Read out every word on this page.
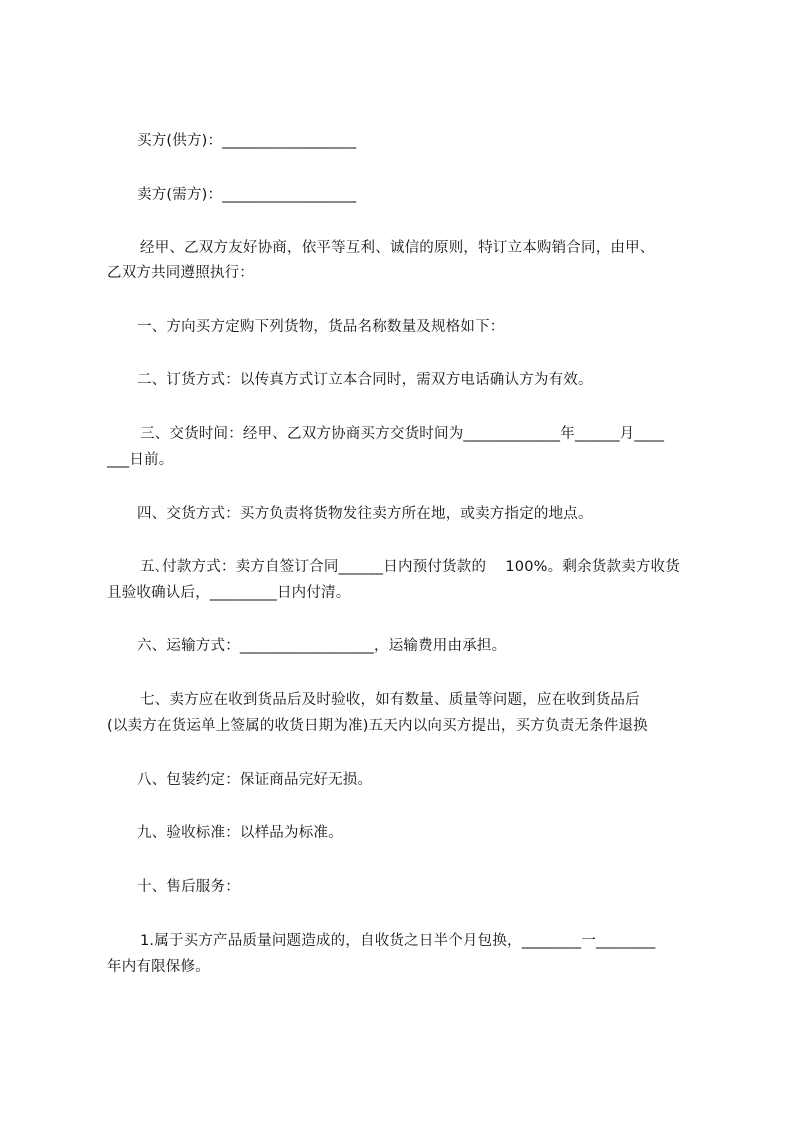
买方(供方)：__________________
卖方(需方)：__________________
经甲、乙双方友好协商，依平等互利、诚信的原则，特订立本购销合同，由甲、
乙双方共同遵照执行：
一、方向买方定购下列货物，货品名称数量及规格如下：
二、订货方式：以传真方式订立本合同时，需双方电话确认方为有效。
三、交货时间：经甲、乙双方协商买方交货时间为_____________年______月____
___日前。
四、交货方式：买方负责将货物发往卖方所在地，或卖方指定的地点。
五､付款方式：卖方自签订合同______日内预付货款的    100%。剩余货款卖方收货
且验收确认后，_________日内付清。
六、运输方式：__________________，运输费用由承担。
七、卖方应在收到货品后及时验收，如有数量、质量等问题，应在收到货品后
(以卖方在货运单上签属的收货日期为准)五天内以向买方提出，买方负责无条件退换
八、包装约定：保证商品完好无损。
九、验收标准：以样品为标准。
十、售后服务：
1.属于买方产品质量问题造成的，自收货之日半个月包换，________一________
年内有限保修。
